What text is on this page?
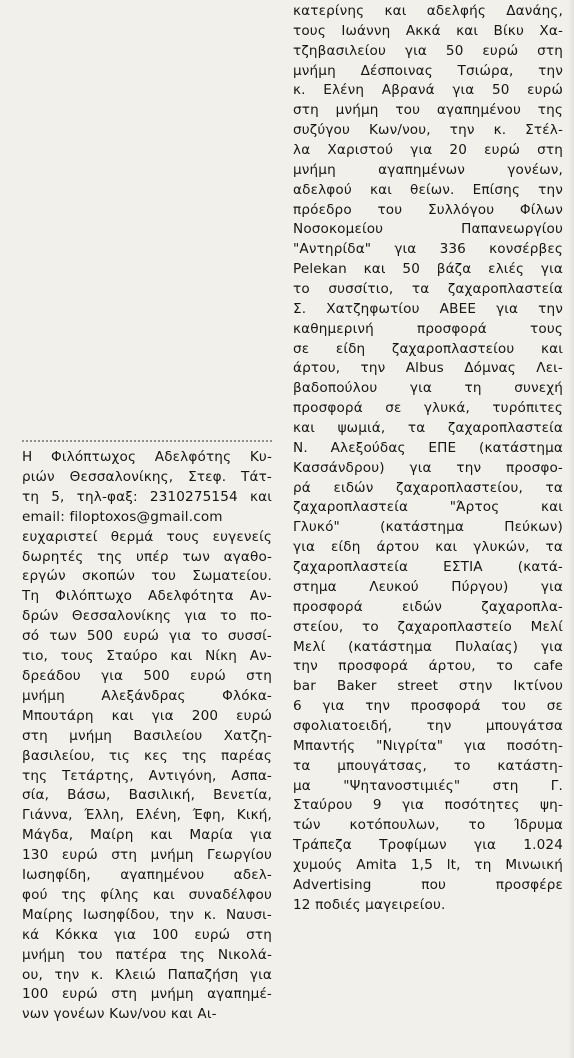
κατερίνης και αδελφής Δανάης,
τους Ιωάννη Ακκά και Βίκυ Χα-
τζηβασιλείου για 50 ευρώ στη
μνήμη Δέσποινας Τσιώρα, την
κ. Ελένη Αβρανά για 50 ευρώ
στη μνήμη του αγαπημένου της
συζύγου Κων/νου, την κ. Στέλ-
λα Χαριστού για 20 ευρώ στη
μνήμη αγαπημένων γονέων,
αδελφού και θείων. Επίσης την
πρόεδρο του Συλλόγου Φίλων
Νοσοκομείου Παπανεωργίου
"Αντηρίδα" για 336 κονσέρβες
Pelekan και 50 βάζα ελιές για
το συσσίτιο, τα ζαχαροπλαστεία
Σ. Χατζηφωτίου ΑΒΕΕ για την
καθημερινή προσφορά τους
σε είδη ζαχαροπλαστείου και
άρτου, την Albus Δόμνας Λει-
βαδοπούλου για τη συνεχή
προσφορά σε γλυκά, τυρόπιτες
και ψωμιά, τα ζαχαροπλαστεία
Ν. Αλεξούδας ΕΠΕ (κατάστημα
Κασσάνδρου) για την προσφο-
ρά ειδών ζαχαροπλαστείου, τα
ζαχαροπλαστεία "Άρτος και
Γλυκό" (κατάστημα Πεύκων)
για είδη άρτου και γλυκών, τα
ζαχαροπλαστεία ΕΣΤΙΑ (κατά-
στημα Λευκού Πύργου) για
προσφορά ειδών ζαχαροπλα-
στείου, το ζαχαροπλαστείο Μελί
Μελί (κατάστημα Πυλαίας) για
την προσφορά άρτου, το cafe
bar Baker street στην Ικτίνου
6 για την προσφορά του σε
σφολιατοειδή, την μπουγάτσα
Μπαντής "Νιγρίτα" για ποσότη-
τα μπουγάτσας, το κατάστη-
μα "Ψητανοστιμιές" στη Γ.
Σταύρου 9 για ποσότητες ψη-
τών κοτόπουλων, το Ίδρυμα
Τράπεζα Τροφίμων για 1.024
χυμούς Amita 1,5 lt, τη Μινωική
Advertising που προσφέρε
12 ποδιές μαγειρείου.
Η Φιλόπτωχος Αδελφότης Κυ-
ριών Θεσσαλονίκης, Στεφ. Τάτ-
τη 5, τηλ-φαξ: 2310275154 και
email: filoptoxos@gmail.com
ευχαριστεί θερμά τους ευγενείς
δωρητές της υπέρ των αγαθο-
εργών σκοπών του Σωματείου.
Τη Φιλόπτωχο Αδελφότητα Αν-
δρών Θεσσαλονίκης για το πο-
σό των 500 ευρώ για το συσσί-
τιο, τους Σταύρο και Νίκη Αν-
δρεάδου για 500 ευρώ στη
μνήμη Αλεξάνδρας Φλόκα-
Μπουτάρη και για 200 ευρώ
στη μνήμη Βασιλείου Χατζη-
βασιλείου, τις κες της παρέας
της Τετάρτης, Αντιγόνη, Ασπα-
σία, Βάσω, Βασιλική, Βενετία,
Γιάννα, Έλλη, Ελένη, Έφη, Κική,
Μάγδα, Μαίρη και Μαρία για
130 ευρώ στη μνήμη Γεωργίου
Ιωσηφίδη, αγαπημένου αδελ-
φού της φίλης και συναδέλφου
Μαίρης Ιωσηφίδου, την κ. Ναυσι-
κά Κόκκα για 100 ευρώ στη
μνήμη του πατέρα της Νικολά-
ου, την κ. Κλειώ Παπαζήση για
100 ευρώ στη μνήμη αγαπημέ-
νων γονέων Κων/νου και Αι-
